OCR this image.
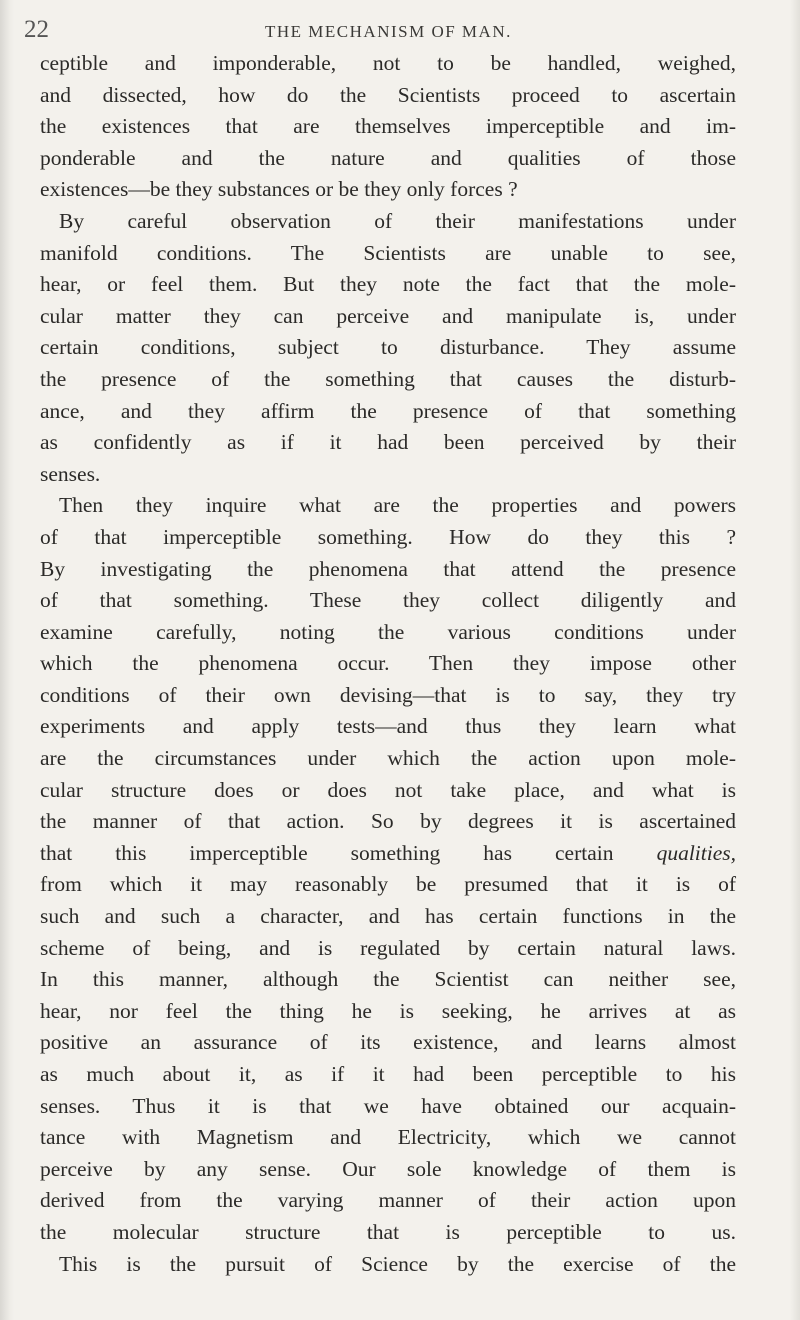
22	THE MECHANISM OF MAN.
ceptible and imponderable, not to be handled, weighed,
and dissected, how do the Scientists proceed to ascertain
the existences that are themselves imperceptible and im-
ponderable and the nature and qualities of those
existences—be they substances or be they only forces ?
By careful observation of their manifestations under
manifold conditions. The Scientists are unable to see,
hear, or feel them. But they note the fact that the mole-
cular matter they can perceive and manipulate is, under
certain conditions, subject to disturbance. They assume
the presence of the something that causes the disturb-
ance, and they affirm the presence of that something
as confidently as if it had been perceived by their
senses.
Then they inquire what are the properties and powers
of that imperceptible something. How do they this ?
By investigating the phenomena that attend the presence
of that something. These they collect diligently and
examine carefully, noting the various conditions under
which the phenomena occur. Then they impose other
conditions of their own devising—that is to say, they try
experiments and apply tests—and thus they learn what
are the circumstances under which the action upon mole-
cular structure does or does not take place, and what is
the manner of that action. So by degrees it is ascertained
that this imperceptible something has certain qualities,
from which it may reasonably be presumed that it is of
such and such a character, and has certain functions in the
scheme of being, and is regulated by certain natural laws.
In this manner, although the Scientist can neither see,
hear, nor feel the thing he is seeking, he arrives at as
positive an assurance of its existence, and learns almost
as much about it, as if it had been perceptible to his
senses. Thus it is that we have obtained our acquain-
tance with Magnetism and Electricity, which we cannot
perceive by any sense. Our sole knowledge of them is
derived from the varying manner of their action upon
the molecular structure that is perceptible to us.
This is the pursuit of Science by the exercise of the
